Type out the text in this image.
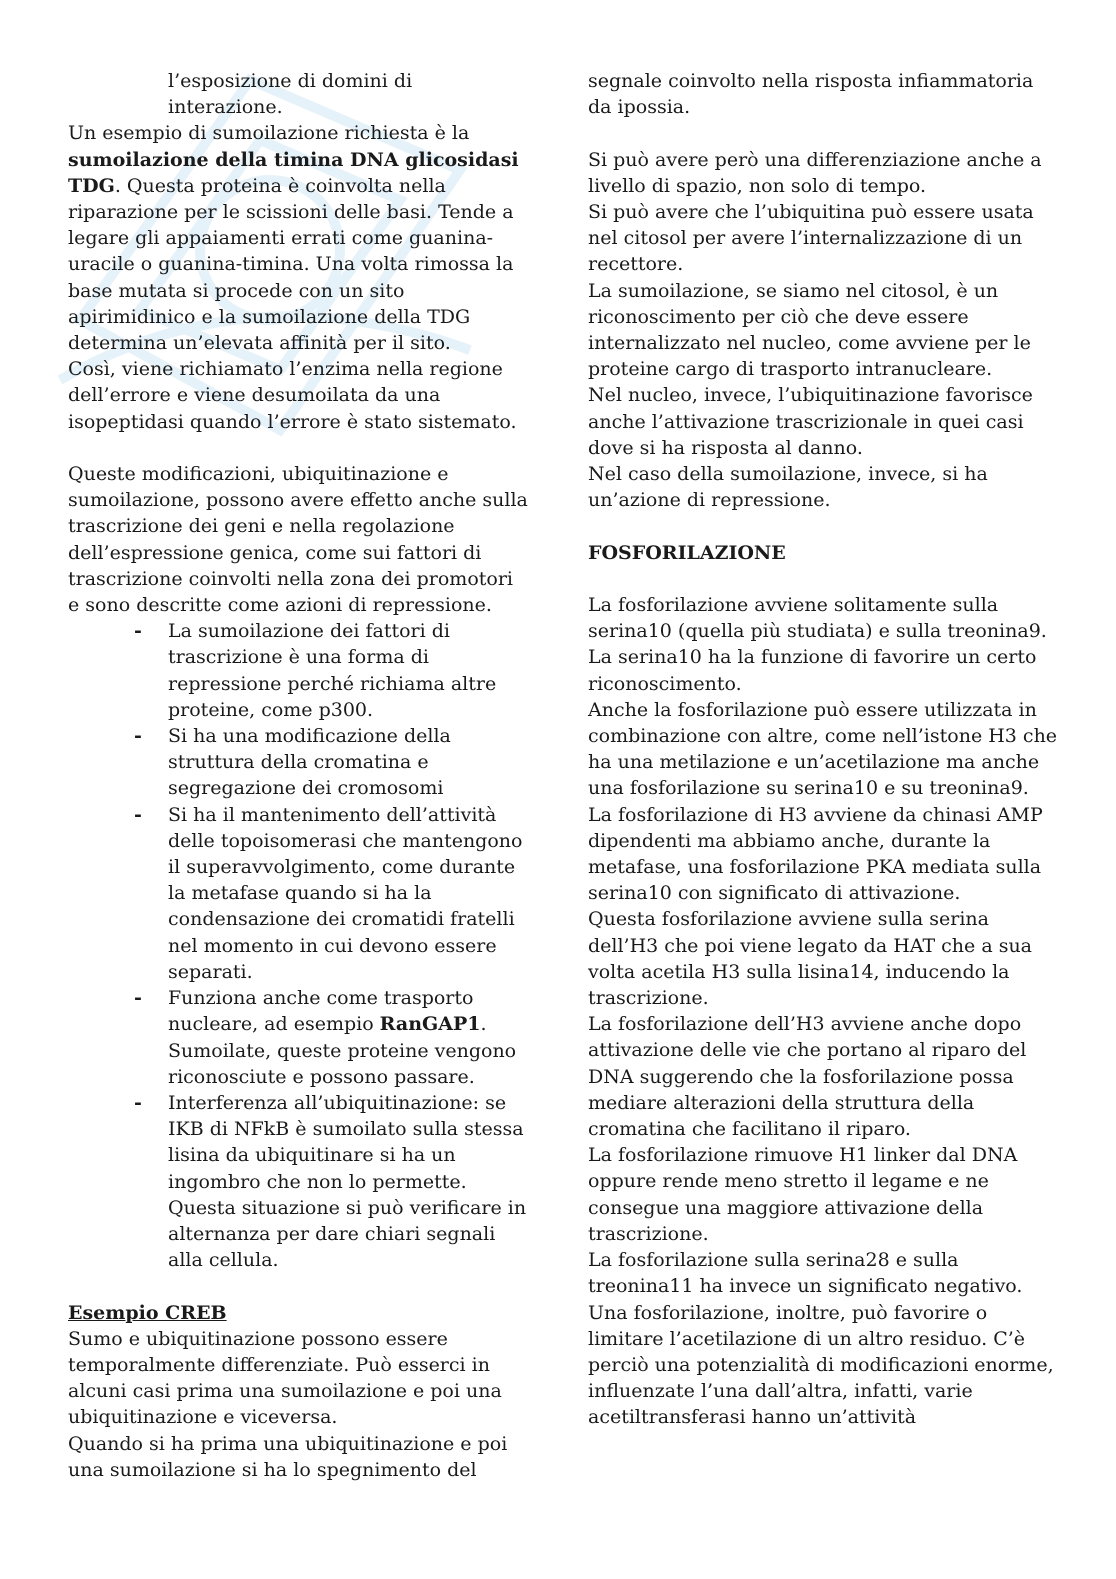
l’esposizione di domini di

interazione.

Un esempio di sumoilazione richiesta è la sumoilazione della timina DNA glicosidasi TDG. Questa proteina è coinvolta nella riparazione per le scissioni delle basi. Tende a legare gli appaiamenti errati come guanina-uracile o guanina-timina. Una volta rimossa la base mutata si procede con un sito apirimidinico e la sumoilazione della TDG determina un’elevata affinità per il sito.

Così, viene richiamato l’enzima nella regione dell’errore e viene desumoilata da una isopeptidasi quando l’errore è stato sistemato.

Queste modificazioni, ubiquitinazione e sumoilazione, possono avere effetto anche sulla trascrizione dei geni e nella regolazione dell’espressione genica, come sui fattori di trascrizione coinvolti nella zona dei promotori e sono descritte come azioni di repressione.

- La sumoilazione dei fattori di trascrizione è una forma di repressione perché richiama altre proteine, come p300.
- Si ha una modificazione della struttura della cromatina e segregazione dei cromosomi
- Si ha il mantenimento dell’attività delle topoisomerasi che mantengono il superavvolgimento, come durante la metafase quando si ha la condensazione dei cromatidi fratelli nel momento in cui devono essere separati.
- Funziona anche come trasporto nucleare, ad esempio RanGAP1. Sumoilate, queste proteine vengono riconosciute e possono passare.
- Interferenza all’ubiquitinazione: se IKB di NFkB è sumoilato sulla stessa lisina da ubiquitinare si ha un ingombro che non lo permette. Questa situazione si può verificare in alternanza per dare chiari segnali alla cellula.

Esempio CREB

Sumo e ubiquitinazione possono essere temporalmente differenziate. Può esserci in alcuni casi prima una sumoilazione e poi una ubiquitinazione e viceversa.

Quando si ha prima una ubiquitinazione e poi una sumoilazione si ha lo spegnimento del

segnale coinvolto nella risposta infiammatoria da ipossia.

Si può avere però una differenziazione anche a livello di spazio, non solo di tempo.

Si può avere che l’ubiquitina può essere usata nel citosol per avere l’internalizzazione di un recettore.

La sumoilazione, se siamo nel citosol, è un riconoscimento per ciò che deve essere internalizzato nel nucleo, come avviene per le proteine cargo di trasporto intranucleare.

Nel nucleo, invece, l’ubiquitinazione favorisce anche l’attivazione trascrizionale in quei casi dove si ha risposta al danno.

Nel caso della sumoilazione, invece, si ha un’azione di repressione.

FOSFORILAZIONE

La fosforilazione avviene solitamente sulla serina10 (quella più studiata) e sulla treonina9.

La serina10 ha la funzione di favorire un certo riconoscimento.

Anche la fosforilazione può essere utilizzata in combinazione con altre, come nell’istone H3 che ha una metilazione e un’acetilazione ma anche una fosforilazione su serina10 e su treonina9.

La fosforilazione di H3 avviene da chinasi AMP dipendenti ma abbiamo anche, durante la metafase, una fosforilazione PKA mediata sulla serina10 con significato di attivazione.

Questa fosforilazione avviene sulla serina dell’H3 che poi viene legato da HAT che a sua volta acetila H3 sulla lisina14, inducendo la trascrizione.

La fosforilazione dell’H3 avviene anche dopo attivazione delle vie che portano al riparo del DNA suggerendo che la fosforilazione possa mediare alterazioni della struttura della cromatina che facilitano il riparo.

La fosforilazione rimuove H1 linker dal DNA oppure rende meno stretto il legame e ne consegue una maggiore attivazione della trascrizione.

La fosforilazione sulla serina28 e sulla treonina11 ha invece un significato negativo. Una fosforilazione, inoltre, può favorire o limitare l’acetilazione di un altro residuo. C’è perciò una potenzialità di modificazioni enorme, influenzate l’una dall’altra, infatti, varie acetiltransferasi hanno un’attività
